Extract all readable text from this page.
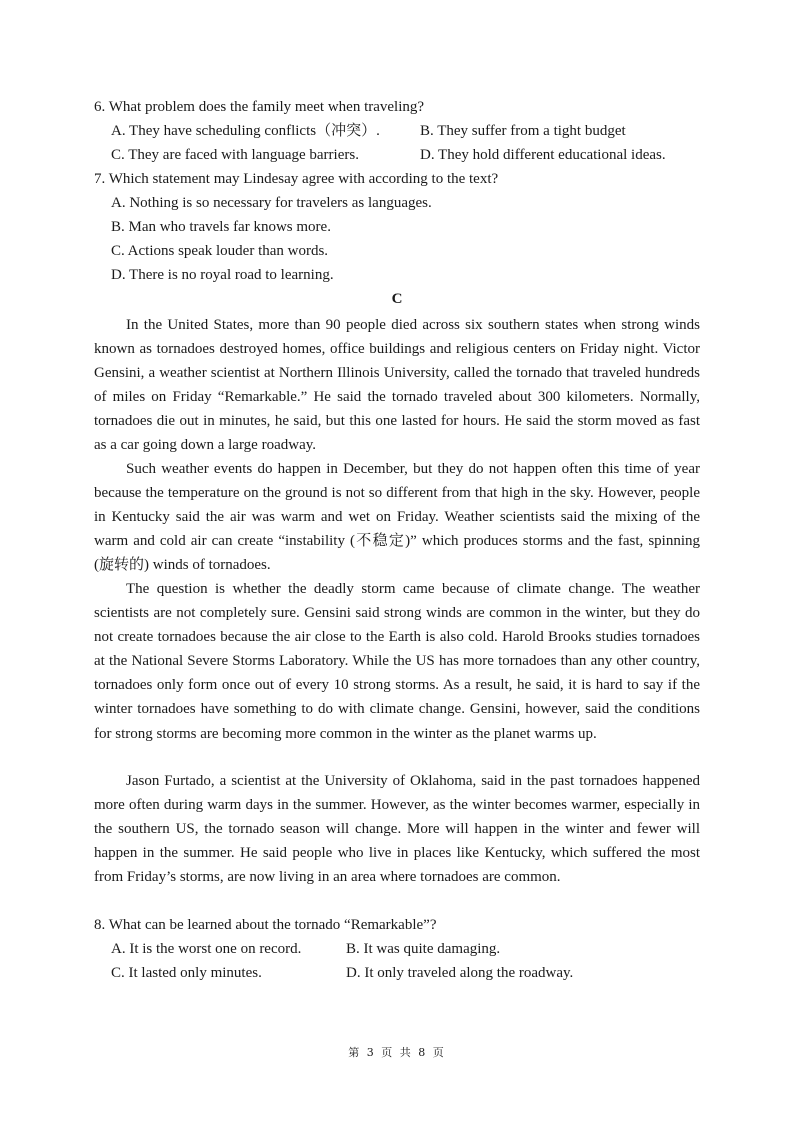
6. What problem does the family meet when traveling?
A. They have scheduling conflicts（冲突）.	B. They suffer from a tight budget
C. They are faced with language barriers.	D. They hold different educational ideas.
7. Which statement may Lindesay agree with according to the text?
A. Nothing is so necessary for travelers as languages.
B. Man who travels far knows more.
C. Actions speak louder than words.
D. There is no royal road to learning.
C

In the United States, more than 90 people died across six southern states when strong winds known as tornadoes destroyed homes, office buildings and religious centers on Friday night. Victor Gensini, a weather scientist at Northern Illinois University, called the tornado that traveled hundreds of miles on Friday “Remarkable.” He said the tornado traveled about 300 kilometers. Normally, tornadoes die out in minutes, he said, but this one lasted for hours. He said the storm moved as fast as a car going down a large roadway.

Such weather events do happen in December, but they do not happen often this time of year because the temperature on the ground is not so different from that high in the sky. However, people in Kentucky said the air was warm and wet on Friday. Weather scientists said the mixing of the warm and cold air can create “instability (不稳定)” which produces storms and the fast, spinning (旋转的) winds of tornadoes.

The question is whether the deadly storm came because of climate change. The weather scientists are not completely sure. Gensini said strong winds are common in the winter, but they do not create tornadoes because the air close to the Earth is also cold. Harold Brooks studies tornadoes at the National Severe Storms Laboratory. While the US has more tornadoes than any other country, tornadoes only form once out of every 10 strong storms. As a result, he said, it is hard to say if the winter tornadoes have something to do with climate change. Gensini, however, said the conditions for strong storms are becoming more common in the winter as the planet warms up.

Jason Furtado, a scientist at the University of Oklahoma, said in the past tornadoes happened more often during warm days in the summer. However, as the winter becomes warmer, especially in the southern US, the tornado season will change. More will happen in the winter and fewer will happen in the summer. He said people who live in places like Kentucky, which suffered the most from Friday’s storms, are now living in an area where tornadoes are common.

8. What can be learned about the tornado “Remarkable”?
A. It is the worst one on record.	B. It was quite damaging.
C. It lasted only minutes.	D. It only traveled along the roadway.
第 3 页 共 8 页
